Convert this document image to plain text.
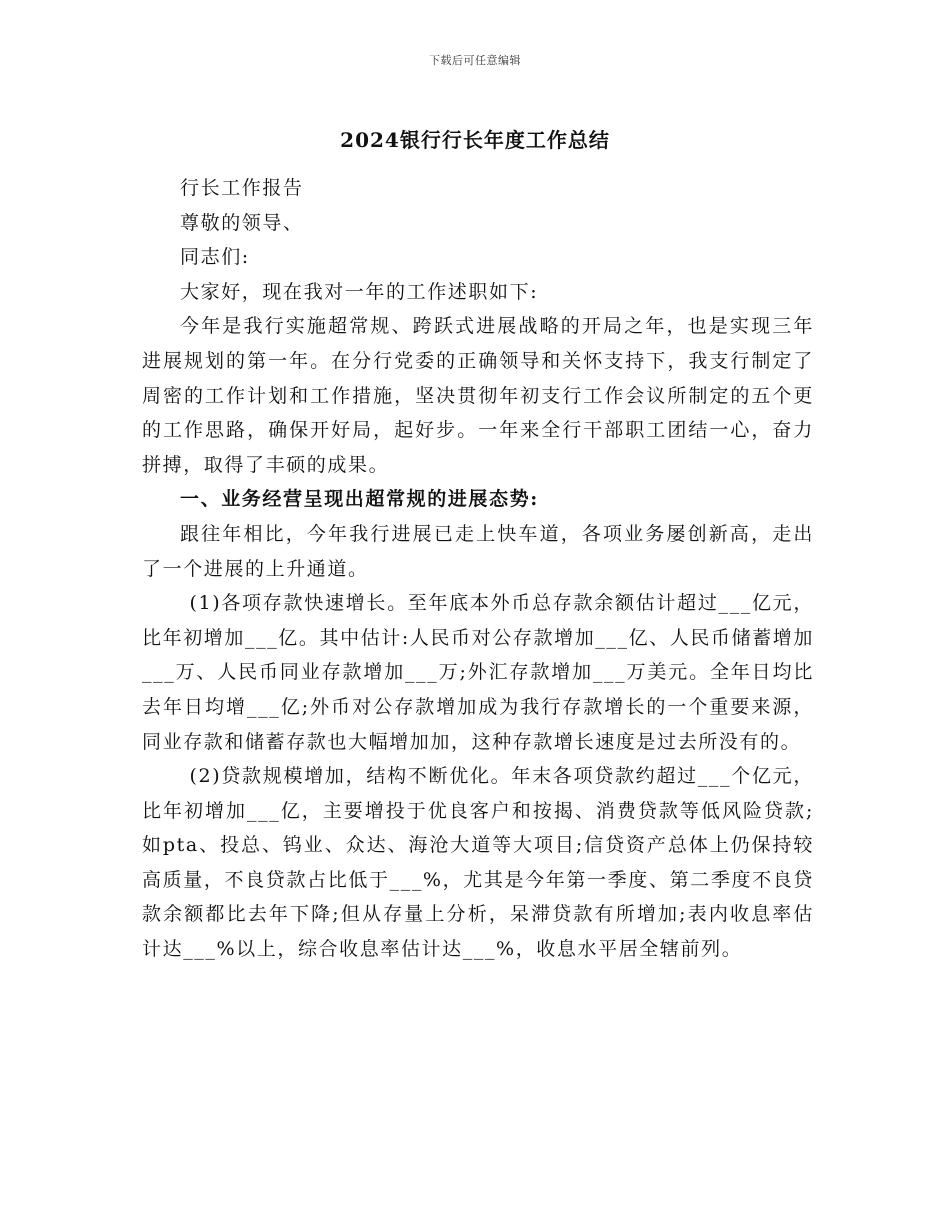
下载后可任意编辑
2024银行行长年度工作总结

行长工作报告

尊敬的领导、

同志们:

大家好，现在我对一年的工作述职如下:

今年是我行实施超常规、跨跃式进展战略的开局之年，也是实现三年进展规划的第一年。在分行党委的正确领导和关怀支持下，我支行制定了周密的工作计划和工作措施，坚决贯彻年初支行工作会议所制定的五个更的工作思路，确保开好局，起好步。一年来全行干部职工团结一心，奋力拼搏，取得了丰硕的成果。

一、业务经营呈现出超常规的进展态势:

跟往年相比，今年我行进展已走上快车道，各项业务屡创新高，走出了一个进展的上升通道。

(1)各项存款快速增长。至年底本外币总存款余额估计超过___亿元，比年初增加___亿。其中估计:人民币对公存款增加___亿、人民币储蓄增加___万、人民币同业存款增加___万;外汇存款增加___万美元。全年日均比去年日均增___亿;外币对公存款增加成为我行存款增长的一个重要来源，同业存款和储蓄存款也大幅增加加，这种存款增长速度是过去所没有的。

(2)贷款规模增加，结构不断优化。年末各项贷款约超过___个亿元，比年初增加___亿，主要增投于优良客户和按揭、消费贷款等低风险贷款;如pta、投总、钨业、众达、海沧大道等大项目;信贷资产总体上仍保持较高质量，不良贷款占比低于___%，尤其是今年第一季度、第二季度不良贷款余额都比去年下降;但从存量上分析，呆滞贷款有所增加;表内收息率估计达___%以上，综合收息率估计达___%，收息水平居全辖前列。
